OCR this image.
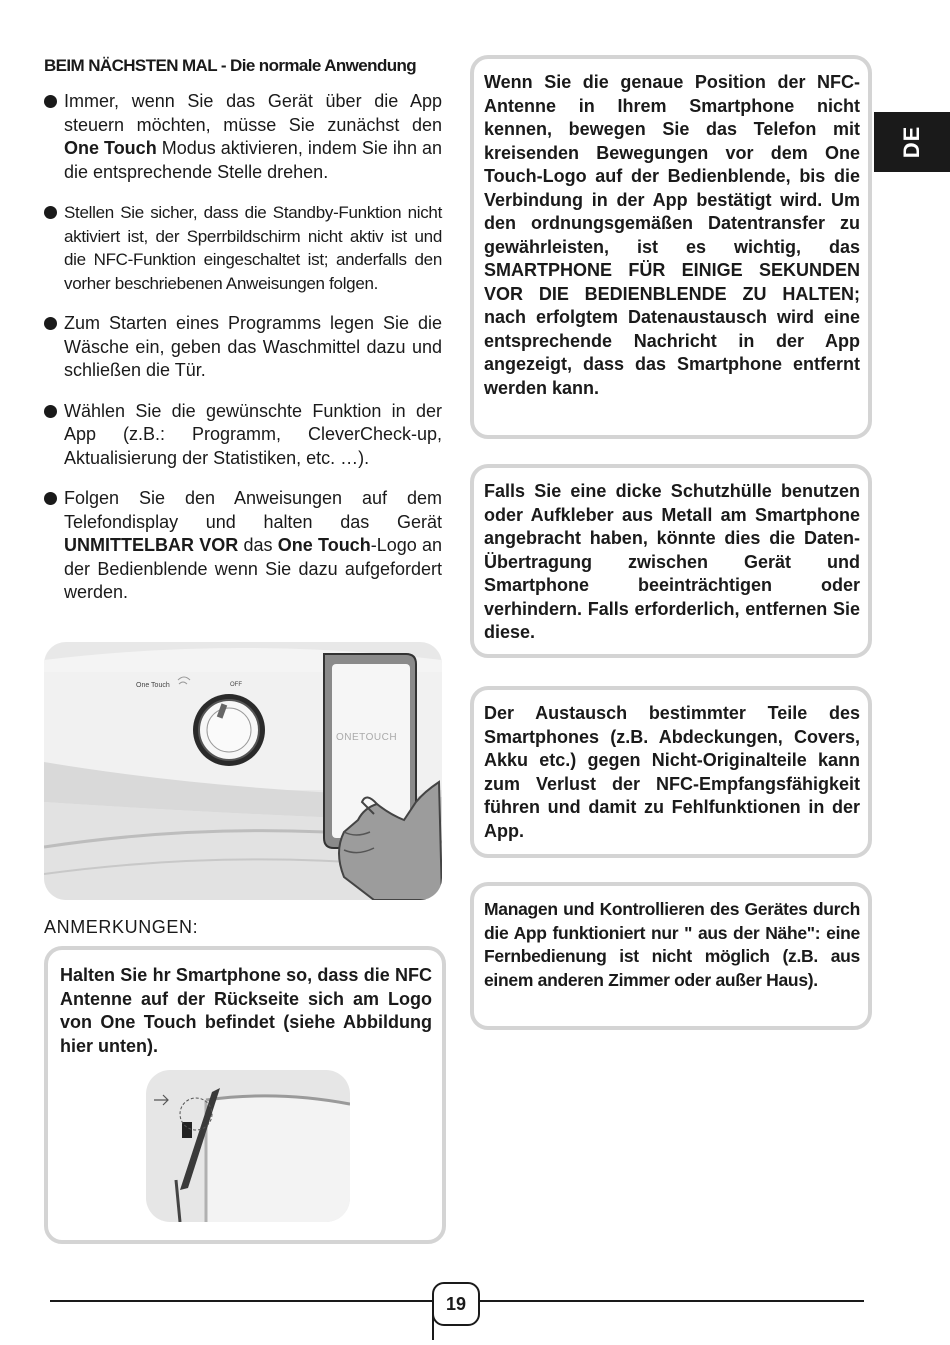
DE
BEIM NÄCHSTEN MAL - Die normale Anwendung
Immer, wenn Sie das Gerät über die App steuern möchten, müsse Sie zunächst den One Touch Modus aktivieren, indem Sie ihn an die entsprechende Stelle drehen.
Stellen Sie sicher, dass die Standby-Funktion nicht aktiviert ist, der Sperrbildschirm nicht aktiv ist und die NFC-Funktion eingeschaltet ist; anderfalls den vorher beschriebenen Anweisungen folgen.
Zum Starten eines Programms legen Sie die Wäsche ein, geben das Waschmittel dazu und schließen die Tür.
Wählen Sie die gewünschte Funktion in der App (z.B.: Programm, CleverCheck-up, Aktualisierung der Statistiken, etc. …).
Folgen Sie den Anweisungen auf dem Telefondisplay und halten das Gerät UNMITTELBAR VOR das One Touch-Logo an der Bedienblende wenn Sie dazu aufgefordert werden.
One Touch	OFF
ONETOUCH
ANMERKUNGEN:
Halten Sie hr Smartphone so, dass die NFC Antenne auf der Rückseite sich am Logo von One Touch befindet (siehe Abbildung hier unten).
Wenn Sie die genaue Position der NFC-Antenne in Ihrem Smartphone nicht kennen, bewegen Sie das Telefon mit kreisenden Bewegungen vor dem One Touch-Logo auf der Bedienblende, bis die Verbindung in der App bestätigt wird. Um den ordnungsgemäßen Datentransfer zu gewährleisten, ist es wichtig, das SMARTPHONE FÜR EINIGE SEKUNDEN VOR DIE BEDIENBLENDE ZU HALTEN; nach erfolgtem Datenaustausch wird eine entsprechende Nachricht in der App angezeigt, dass das Smartphone entfernt werden kann.
Falls Sie eine dicke Schutzhülle benutzen oder Aufkleber aus Metall am Smartphone angebracht haben, könnte dies die Daten-Übertragung zwischen Gerät und Smartphone beeinträchtigen oder verhindern. Falls erforderlich, entfernen Sie diese.
Der Austausch bestimmter Teile des Smartphones (z.B. Abdeckungen, Covers, Akku etc.) gegen Nicht-Originalteile kann zum Verlust der NFC-Empfangsfähigkeit führen und damit zu Fehlfunktionen in der App.
Managen und Kontrollieren des Gerätes durch die App funktioniert nur " aus der Nähe": eine Fernbedienung ist nicht möglich (z.B. aus einem anderen Zimmer oder außer Haus).
19
